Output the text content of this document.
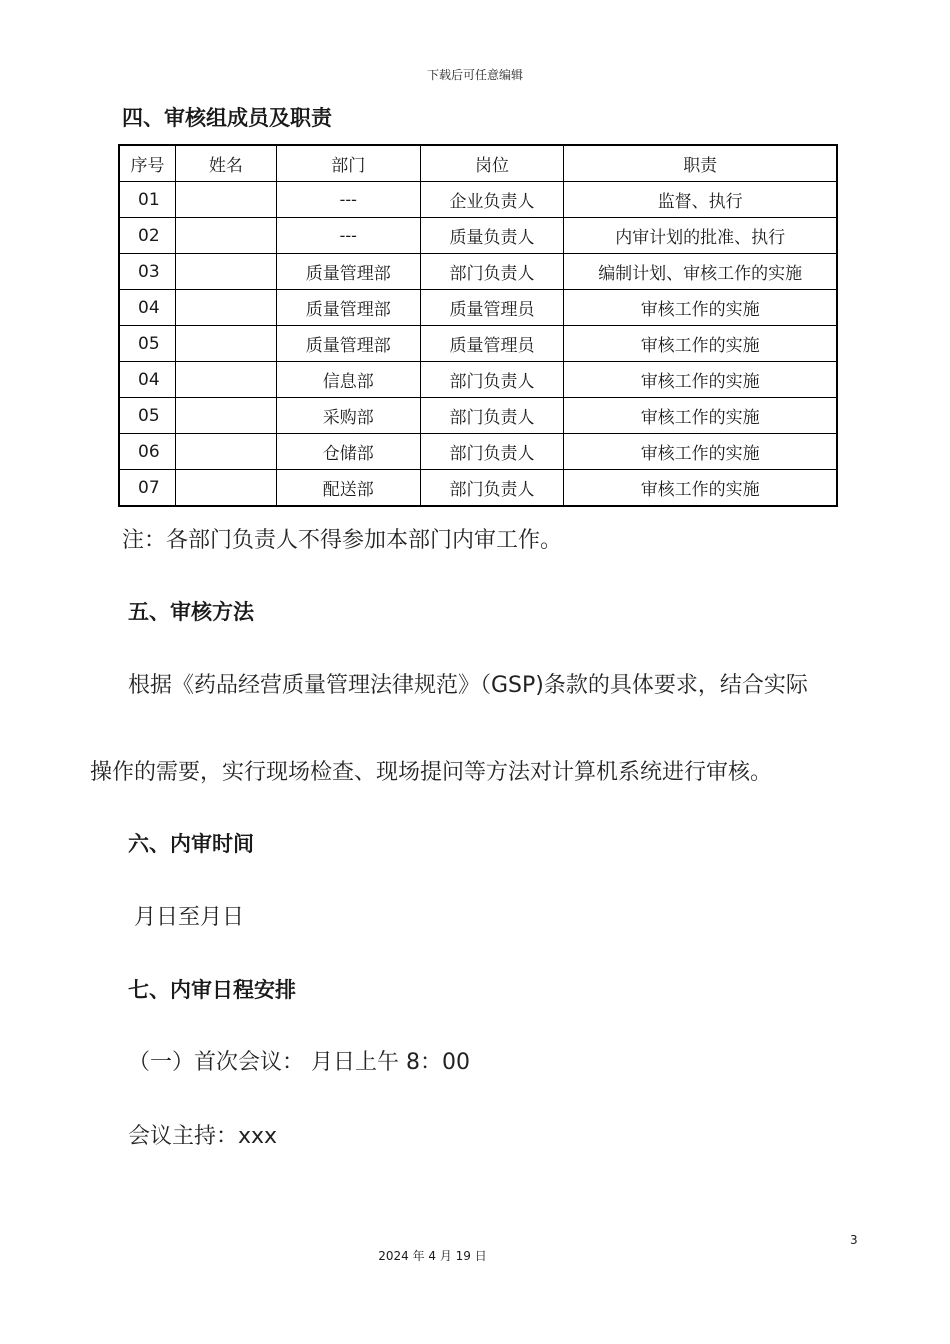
下载后可任意编辑
四、审核组成员及职责
序号	姓名	部门	岗位	职责
01		---	企业负责人	监督、执行
02		---	质量负责人	内审计划的批准、执行
03		质量管理部	部门负责人	编制计划、审核工作的实施
04		质量管理部	质量管理员	审核工作的实施
05		质量管理部	质量管理员	审核工作的实施
04		信息部	部门负责人	审核工作的实施
05		采购部	部门负责人	审核工作的实施
06		仓储部	部门负责人	审核工作的实施
07		配送部	部门负责人	审核工作的实施
注：各部门负责人不得参加本部门内审工作。
五、审核方法
根据《药品经营质量管理法律规范》（GSP)条款的具体要求，结合实际
操作的需要，实行现场检查、现场提问等方法对计算机系统进行审核。
六、内审时间
月日至月日
七、内审日程安排
（一）首次会议： 月日上午 8：00
会议主持：xxx
3
2024 年 4 月 19 日
